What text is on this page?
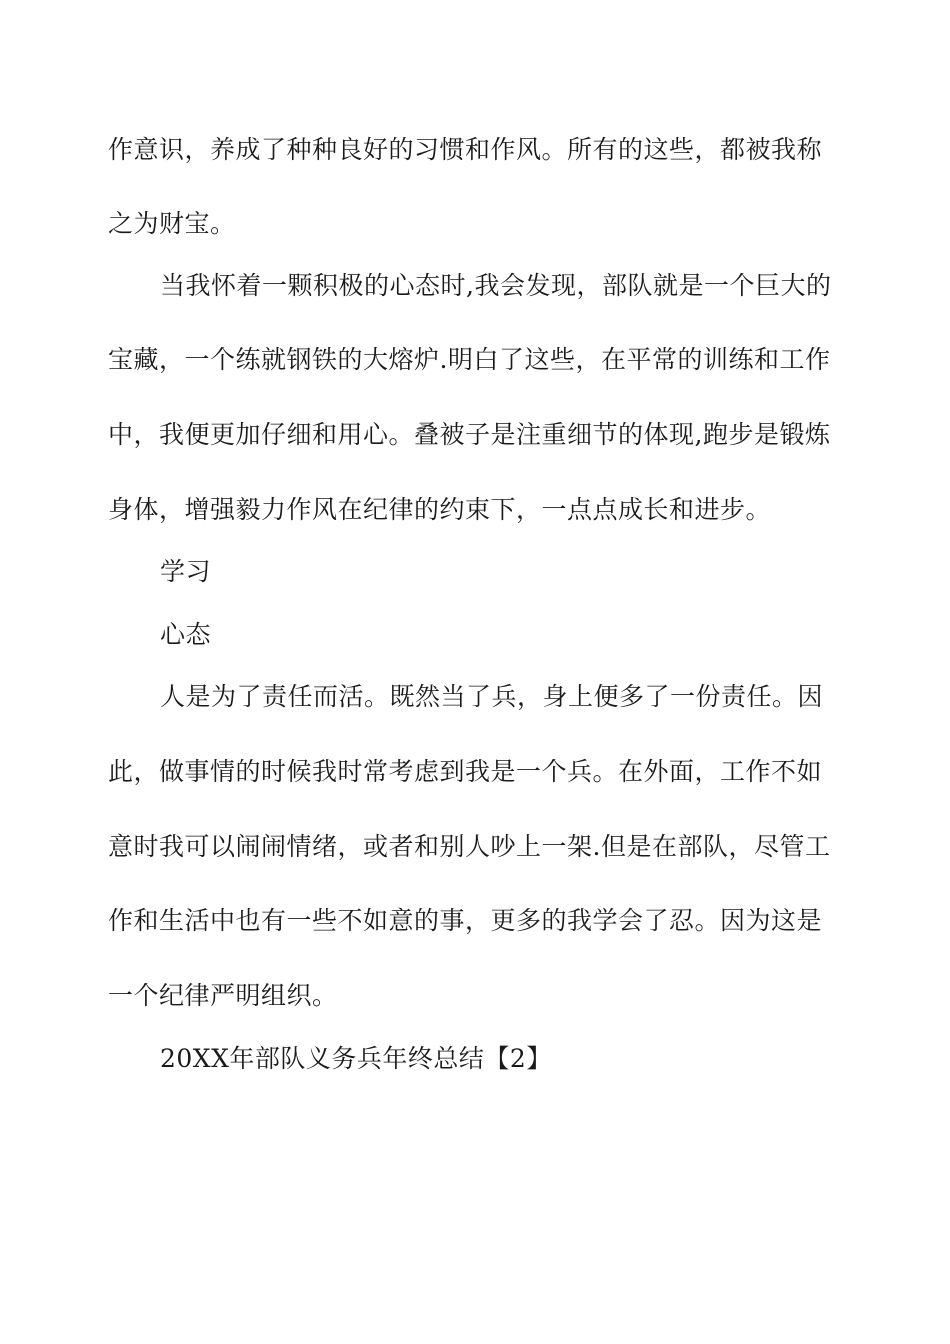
作意识，养成了种种良好的习惯和作风。所有的这些，都被我称
之为财宝。
当我怀着一颗积极的心态时,我会发现，部队就是一个巨大的
宝藏，一个练就钢铁的大熔炉.明白了这些，在平常的训练和工作
中，我便更加仔细和用心。叠被子是注重细节的体现,跑步是锻炼
身体，增强毅力作风在纪律的约束下，一点点成长和进步。
学习
心态
人是为了责任而活。既然当了兵，身上便多了一份责任。因
此，做事情的时候我时常考虑到我是一个兵。在外面，工作不如
意时我可以闹闹情绪，或者和别人吵上一架.但是在部队，尽管工
作和生活中也有一些不如意的事，更多的我学会了忍。因为这是
一个纪律严明组织。
20XX年部队义务兵年终总结【2】
